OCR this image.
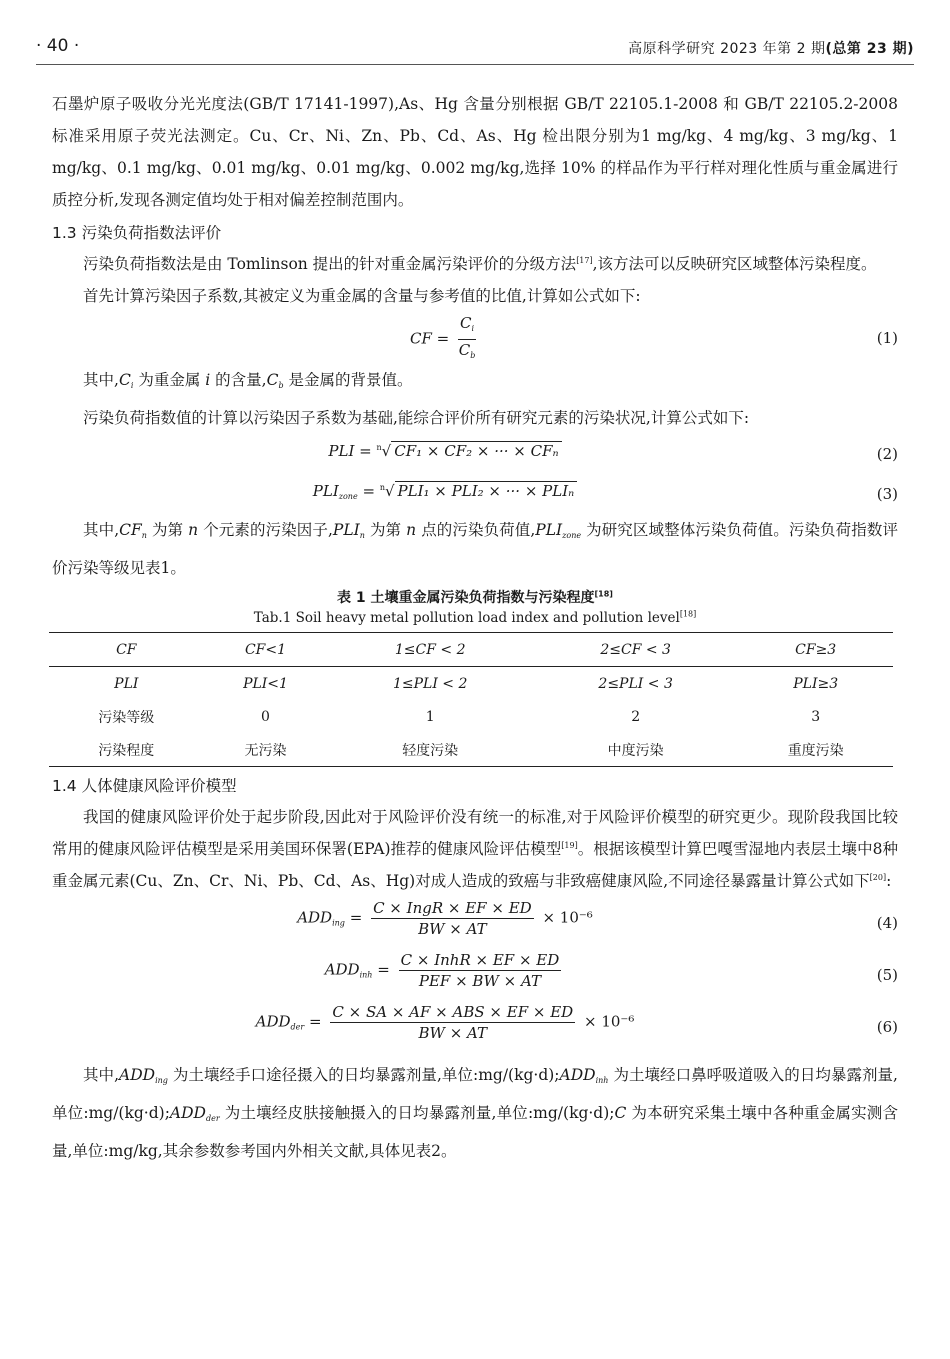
· 40 ·	高原科学研究 2023 年第 2 期(总第 23 期)

石墨炉原子吸收分光光度法(GB/T 17141-1997),As、Hg 含量分别根据 GB/T 22105.1-2008 和 GB/T 22105.2-2008 标准采用原子荧光法测定。Cu、Cr、Ni、Zn、Pb、Cd、As、Hg 检出限分别为1 mg/kg、4 mg/kg、3 mg/kg、1 mg/kg、0.1 mg/kg、0.01 mg/kg、0.01 mg/kg、0.002 mg/kg,选择 10% 的样品作为平行样对理化性质与重金属进行质控分析,发现各测定值均处于相对偏差控制范围内。

1.3 污染负荷指数法评价

污染负荷指数法是由 Tomlinson 提出的针对重金属污染评价的分级方法[17],该方法可以反映研究区域整体污染程度。

首先计算污染因子系数,其被定义为重金属的含量与参考值的比值,计算如公式如下:

CF = $\frac{C_i}{C_b}$	(1)

其中$,C_i$ 为重金属 i 的含量$,C_b$ 是金属的背景值。

污染负荷指数值的计算以污染因子系数为基础,能综合评价所有研究元素的污染状况,计算公式如下:

PLI = $^n$√ CF₁ × CF₂ × ··· × CFₙ	(2)
$PLI_{zone} = ^n√$ PLI₁ × PLI₂ × ··· × PLIₙ	(3)

其中$,CF_n$ 为第 n 个元素的污染因子$,PLI_n$ 为第 n 点的污染负荷值$,PLI_{zone}$ 为研究区域整体污染负荷值。污染负荷指数评价污染等级见表1。

表 1 土壤重金属污染负荷指数与污染程度[18]
Tab.1 Soil heavy metal pollution load index and pollution level[18]
CF	CF<1	1≤CF < 2	2≤CF < 3	CF≥3
PLI	PLI<1	1≤PLI < 2	2≤PLI < 3	PLI≥3
污染等级	0	1	2	3
污染程度	无污染	轻度污染	中度污染	重度污染
1.4 人体健康风险评价模型

我国的健康风险评价处于起步阶段,因此对于风险评价没有统一的标准,对于风险评价模型的研究更少。现阶段我国比较常用的健康风险评估模型是采用美国环保署(EPA)推荐的健康风险评估模型[19]。根据该模型计算巴嘎雪湿地内表层土壤中8种重金属元素(Cu、Zn、Cr、Ni、Pb、Cd、As、Hg)对成人造成的致癌与非致癌健康风险,不同途径暴露量计算公式如下[20]:

$ADD_{ing} = \frac{\text{C × IngR × EF × ED}}{BW \times AT} \times 10^{-6}$	(4)
$ADD_{inh} = \frac{\text{C × InhR × EF × ED}}{\text{PEF × BW × AT}}$	(5)
$ADD_{der} = \frac{\text{C × SA × AF × ABS × EF × ED}}{BW \times AT} \times 10^{-6}$	(6)

其中$,ADD_{ing}$ 为土壤经手口途径摄入的日均暴露剂量,单位$:mg/(kg\cdot d);ADD_{inh}$ 为土壤经口鼻呼吸道吸入的日均暴露剂量,单位$:mg/(kg\cdot d);ADD_{der}$ 为土壤经皮肤接触摄入的日均暴露剂量,单位:mg/(kg·d);C 为本研究采集土壤中各种重金属实测含量,单位:mg/kg,其余参数参考国内外相关文献,具体见表2。
